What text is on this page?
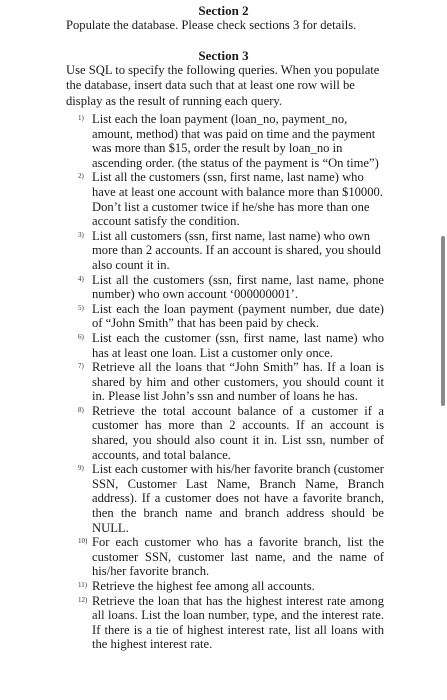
Section 2
Populate the database. Please check sections 3 for details.
Section 3
Use SQL to specify the following queries. When you populate the database, insert data such that at least one row will be display as the result of running each query.
1) List each the loan payment (loan_no, payment_no, amount, method) that was paid on time and the payment was more than $15, order the result by loan_no in ascending order. (the status of the payment is “On time”)
2) List all the customers (ssn, first name, last name) who have at least one account with balance more than $10000. Don’t list a customer twice if he/she has more than one account satisfy the condition.
3) List all customers (ssn, first name, last name) who own more than 2 accounts. If an account is shared, you should also count it in.
4) List all the customers (ssn, first name, last name, phone number) who own account ‘000000001’.
5) List each the loan payment (payment number, due date) of “John Smith” that has been paid by check.
6) List each the customer (ssn, first name, last name) who has at least one loan. List a customer only once.
7) Retrieve all the loans that “John Smith” has. If a loan is shared by him and other customers, you should count it in. Please list John’s ssn and number of loans he has.
8) Retrieve the total account balance of a customer if a customer has more than 2 accounts. If an account is shared, you should also count it in. List ssn, number of accounts, and total balance.
9) List each customer with his/her favorite branch (customer SSN, Customer Last Name, Branch Name, Branch address). If a customer does not have a favorite branch, then the branch name and branch address should be NULL.
10) For each customer who has a favorite branch, list the customer SSN, customer last name, and the name of his/her favorite branch.
11) Retrieve the highest fee among all accounts.
12) Retrieve the loan that has the highest interest rate among all loans. List the loan number, type, and the interest rate. If there is a tie of highest interest rate, list all loans with the highest interest rate.
